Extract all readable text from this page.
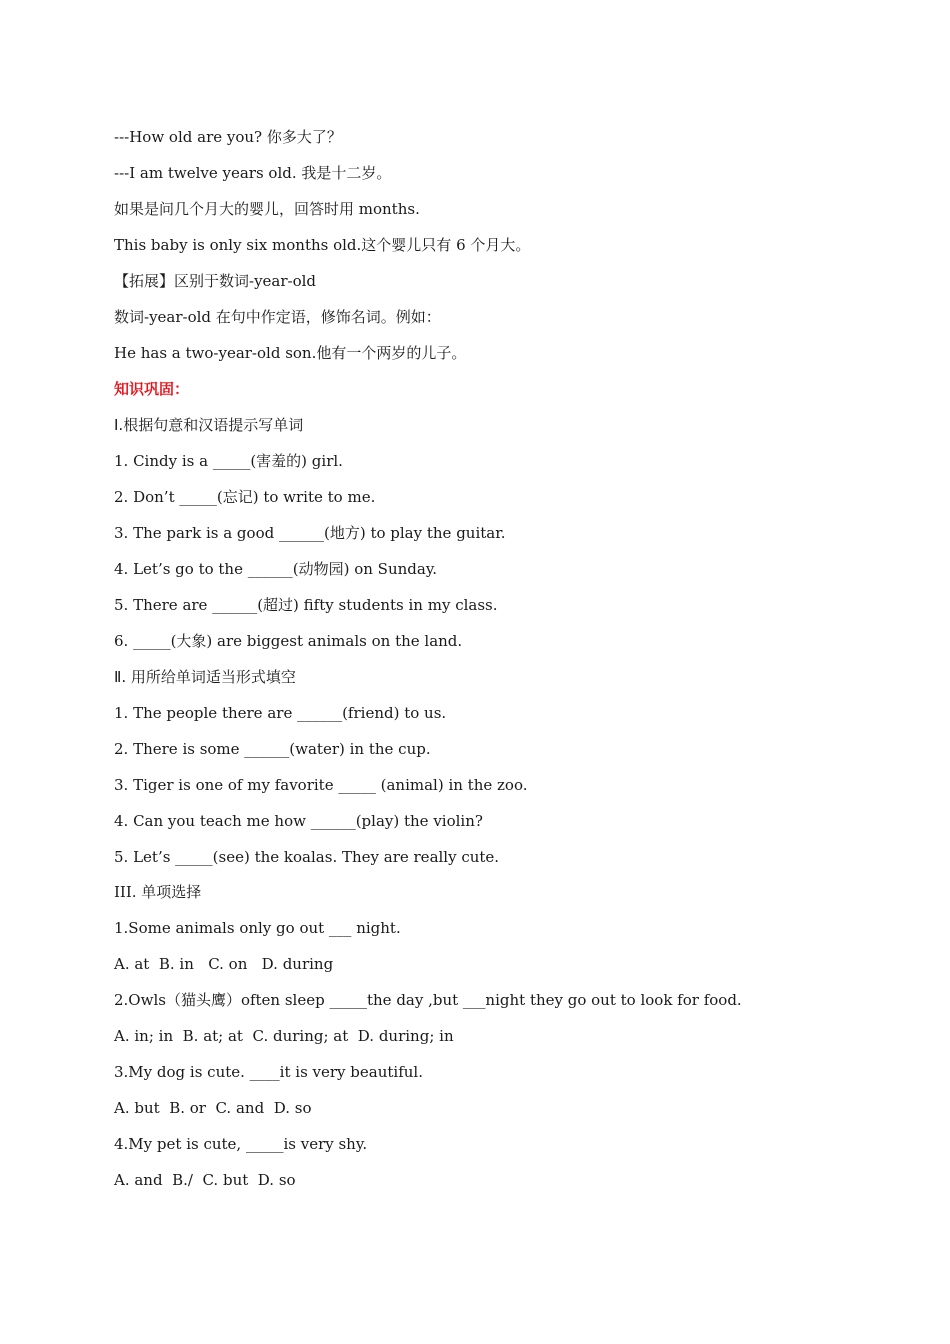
---How old are you? 你多大了？
---I am twelve years old. 我是十二岁。
如果是问几个月大的婴儿，回答时用 months.
This baby is only six months old.这个婴儿只有 6 个月大。
【拓展】区别于数词-year-old
数词-year-old 在句中作定语，修饰名词。例如：
He has a two-year-old son.他有一个两岁的儿子。
知识巩固：
Ⅰ.根据句意和汉语提示写单词
1. Cindy is a _____(害羞的) girl.
2. Don’t _____(忘记) to write to me.
3. The park is a good ______(地方) to play the guitar.
4. Let’s go to the ______(动物园) on Sunday.
5. There are ______(超过) fifty students in my class.
6. _____(大象) are biggest animals on the land.
Ⅱ. 用所给单词适当形式填空
1. The people there are ______(friend) to us.
2. There is some ______(water) in the cup.
3. Tiger is one of my favorite _____ (animal) in the zoo.
4. Can you teach me how ______(play) the violin?
5. Let’s _____(see) the koalas. They are really cute.
III. 单项选择
1.Some animals only go out ___ night.
A. at  B. in   C. on   D. during
2.Owls（猫头鹰）often sleep _____the day ,but ___night they go out to look for food.
A. in; in  B. at; at  C. during; at  D. during; in
3.My dog is cute. ____it is very beautiful.
A. but  B. or  C. and  D. so
4.My pet is cute, _____is very shy.
A. and  B./  C. but  D. so
